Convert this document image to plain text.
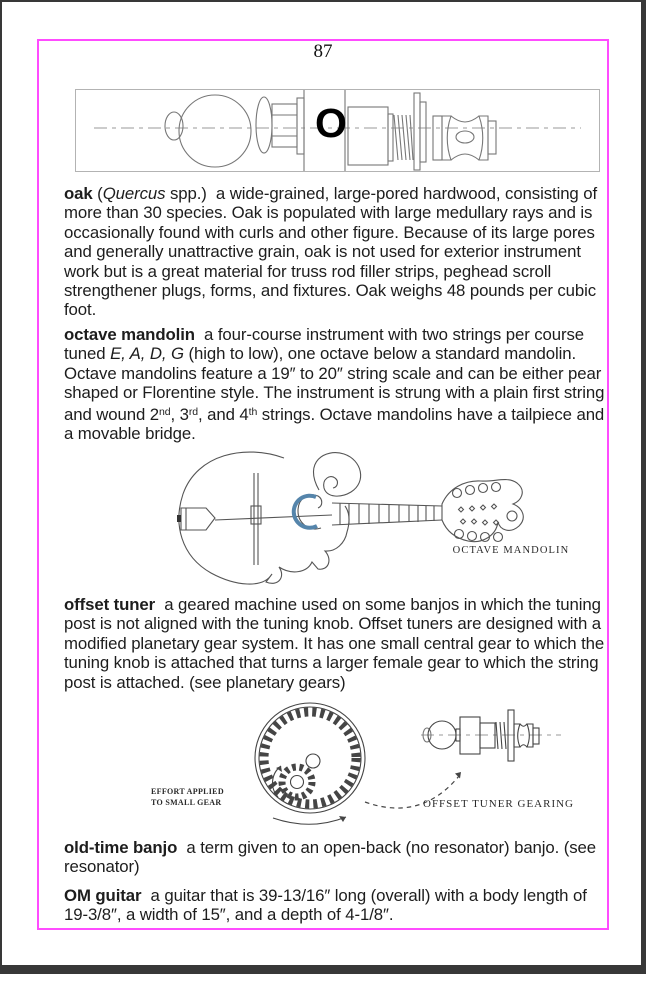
87
O

oak (Quercus spp.)  a wide-grained, large-pored hardwood, consisting of more than 30 species. Oak is populated with large medullary rays and is occasionally found with curls and other figure. Because of its large pores and generally unattractive grain, oak is not used for exterior instrument work but is a great material for truss rod filler strips, peghead scroll strengthener plugs, forms, and fixtures. Oak weighs 48 pounds per cubic foot.

octave mandolin  a four-course instrument with two strings per course tuned E, A, D, G (high to low), one octave below a standard mandolin. Octave mandolins feature a 19″ to 20″ string scale and can be either pear shaped or Florentine style. The instrument is strung with a plain first string and wound 2nd, 3rd, and 4th strings. Octave mandolins have a tailpiece and a movable bridge.

offset tuner  a geared machine used on some banjos in which the tuning post is not aligned with the tuning knob. Offset tuners are designed with a modified planetary gear system. It has one small central gear to which the tuning knob is attached that turns a larger female gear to which the string post is attached. (see planetary gears)

old-time banjo  a term given to an open-back (no resonator) banjo. (see resonator)

OM guitar  a guitar that is 39-13/16″ long (overall) with a body length of 19-3/8″, a width of 15″, and a depth of 4-1/8″.

OCTAVE MANDOLIN
EFFORT APPLIED
TO SMALL GEAR	OFFSET TUNER GEARING
